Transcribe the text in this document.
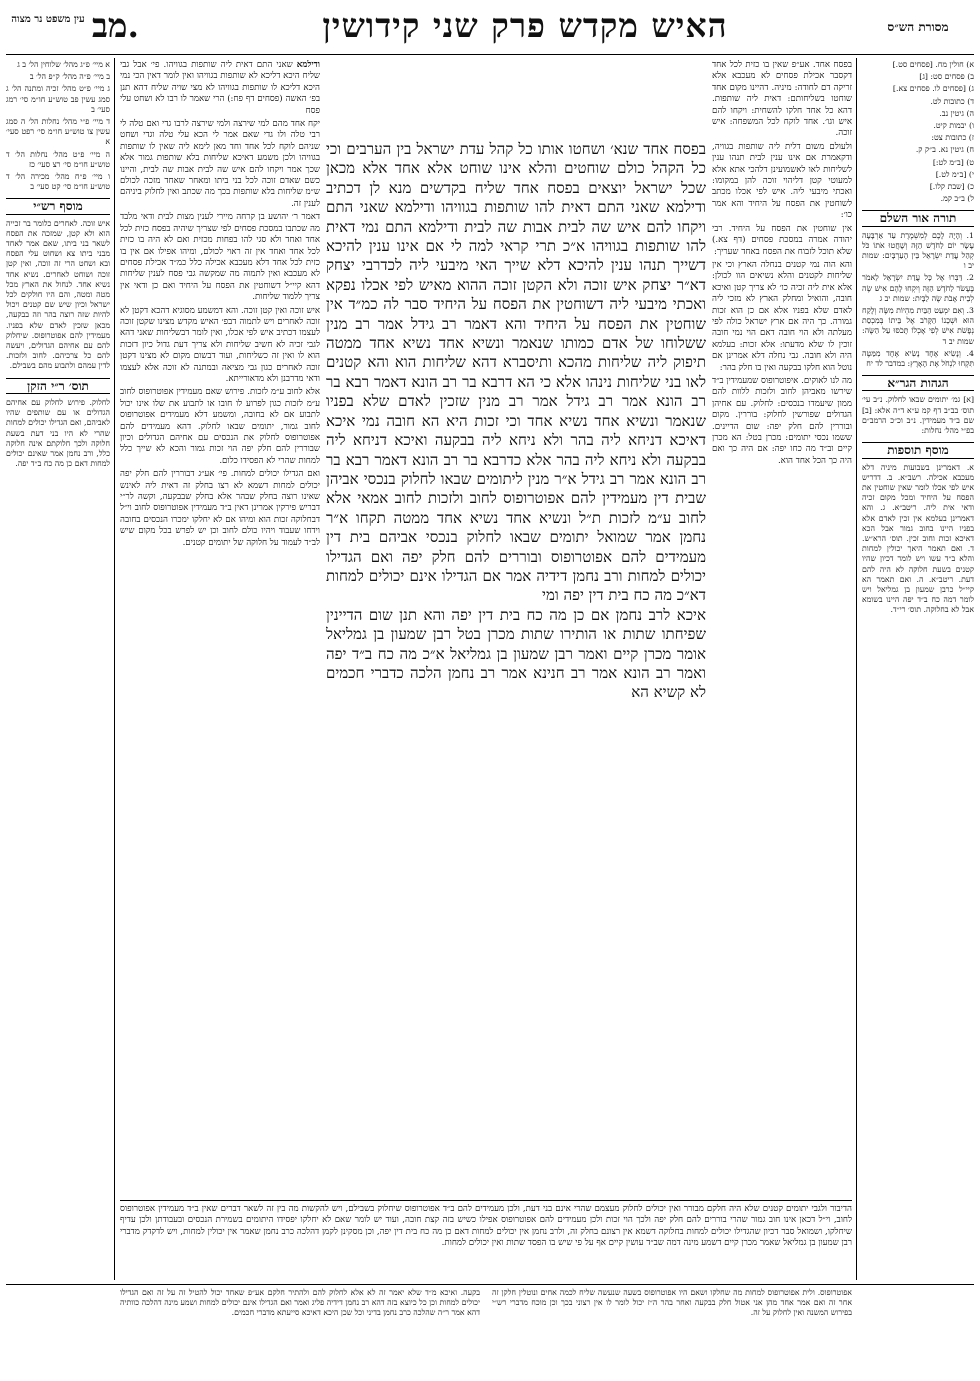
עין משפט נר מצוה מב.	האיש מקדש פרק שני קידושין	מסורת הש״ס

א מיי׳ פ״ג מהל׳ שלוחין הל׳ ב ג

ב מיי׳ פ״ה מהל׳ ק״פ הל׳ ב

ג מיי׳ פ״ט מהל׳ זכיה ומתנה הל׳ ג סמג עשין פב טוש״ע חו״מ סי׳ רמג סעי׳ ב

ד מיי׳ פ״י מהל׳ נחלות הל׳ ה סמג עשין צו טוש״ע חו״מ סי׳ רפט סעי׳ א

ה מיי׳ פ״ט מהל׳ נחלות הל׳ ד טוש״ע חו״מ סי׳ רצ סעי׳ כז

ו מיי׳ פ״ח מהל׳ מכירה הל׳ ד טוש״ע חו״מ סי׳ קט סעי׳ ב

מוסף רש״י

איש זוכה. לאחרים כלומר בר זכייה הוא ולא קטן, שמזכה את הפסח לשאר בני ביתו, שאם אמר לאחד מבני ביתו צא ושחוט עלי הפסח ובא ושחט הרי זה זוכה, ואין קטן זוכה ושוחט לאחרים. נשיא אחד נשיא אחד. לנחול את הארץ מכל מטה ומטה, והם היו חולקים לכל ישראל וכיון שיש שם קטנים ויכול להיות שזה רוצה בהר וזה בבקעה, מכאן שזכין לאדם שלא בפניו. מעמידין להם אפוטרופוס. שיחלוק להם עם אחיהם הגדולים, ויעשה להם כל צרכיהם. לחוב ולזכות. לדין עמהם ולתבוע מהם בשבילם.

תוס׳ ר״י הזקן

לחלוק. פירוש לחלוק עם אחיהם הגדולים או עם שותפים שהיו לאביהם, ואם הגדילו יכולים למחות שהרי לא היו בני דעת בשעת חלוקה ולכך חלוקתם אינה חלוקה כלל, ורב נחמן אמר שאינם יכולים למחות דאם כן מה כח ב״ד יפה.

ודילמא שאני התם דאית ליה שותפות בגוויהו. פי׳ אבל גבי שליח היכא דליכא לא שותפות בגוויהו ואין לומר דאין הכי נמי היכא דליכא לו שותפות בגוויהו לא מצי שויה שליח דהא תנן בפ׳ האשה (פסחים דף פח:) הרי שאמר לו רבו לא ושחט עלי פסח

יקח אחד מהם למי שירצה ולמי שירצה לרבו גדי ואם טלה לי רבי טלה ולו גדי שאם אמר לי הכא עלי טלה וגדי ושחט שניהם לוקח לכל אחד וחד מאן לימא ליה שאין לו שותפות בגוויהו ולכן משמע דאיכא שליחות בלא שותפות גמור אלא שכך אמר ויקחו להם איש שה לבית אבות שה לבית, והיינו כשם שאדם זוכה לכל בני ביתו ומאחר שאחד מזכה לכולם ש״מ שליחות בלא שותפות בכך מה שכתב ואין לחלוק ביניהם לענין זה.

דאמר ר׳ יהושע בן קרחה מיירי לענין מצות לבית ודאי מלבד מה שכתבו במסכת פסחים לפי שצריך שיהיה בפסח כזית לכל אחד ואחד ולא סגי להו בפחות מכזית ואם לא היה בו כזית לכל אחד ואחד אין זה ראוי לכולם, ומיהו אפילו אם אין בו כזית לכל אחד דלא מעכבא אכילה כלל כמ״ד אכילת פסחים לא מעכבא ואין לתמוה מה שמקשה גבי פסח לענין שליחות דהא קיי״ל דשוחטין את הפסח על היחיד ואם כן ודאי אין צריך ללמוד שליחות.

איש זוכה ואין קטן זוכה. והא דמשמע מסוגיא דהכא דקטן לא זוכה לאחרים ויש לתמוה דבפ׳ האיש מקדש מצינו שקטן זוכה לעצמו דכתיב איש לפי אכלו, ואין לומר דבשליחות שאני דהא לגבי זכיה לא חשיב שליחות ולא צריך דעת גדול כיון דזכות הוא לו ואין זה כשליחות, ועוד דבשום מקום לא מצינו דקטן זוכה לאחרים כגון גבי מציאה ובמתנה לא זוכה אלא לעצמו ודאי מדרבנן ולא מדאורייתא.

אלא לחוב ע״מ לזכות. פירוש שאם מעמידין אפוטרופוס לחוב ע״מ לזכות כגון לפרוע לו חובו או לתבוע את שלו אינו יכול לתבוע אם לא בחובה, ומשמע דלא מעמידים אפוטרופוס לחוב גמור, יתומים שבאו לחלוק. דהא מעמידים להם אפוטרופוס לחלוק את הנכסים עם אחיהם הגדולים וכיון שבוררין להם חלק יפה הוי זכות גמור והכא לא שייך כלל למחות שהרי לא הפסידו כלום.

ואם הגדילו יכולים למחות. פי׳ אע״ג דבוררין להם חלק יפה יכולים למחות דשמא לא רצו בחלק זה דאית ליה לאינש שאינו רוצה בחלק שבהר אלא בחלק שבבקעה, וקשה לר״י דבריש פירקין אמרינן דאין ב״ד מעמידין אפוטרופוס לחוב וי״ל דבחלוקה זכות הוא ומיהו אם לא יחלקו ימכרו הנכסים בחובה וידחו שעבוד ויהיו כולם לחוב וכן יש לפרש בכל מקום שיש לב״ד לעמוד על חלוקה של יתומים קטנים.

בפסח אחד שנא׳ ושחטו אותו כל קהל עדת ישראל בין הערבים וכי כל הקהל כולם שוחטים והלא אינו שוחט אלא אחד אלא מכאן שכל ישראל יוצאים בפסח אחד שליח בקדשים מנא לן דכתיב ודילמא שאני התם דאית להו שותפות בגוויהו ודילמא שאני התם ויקחו להם איש שה לבית אבות שה לבית ודילמא התם נמי דאית להו שותפות בגוויהו א״כ תרי קראי למה לי אם אינו ענין להיכא דשייך תנהו ענין להיכא דלא שייך האי מיבעי ליה לכדרבי יצחק דא״ר יצחק איש זוכה ולא הקטן זוכה ההוא מאיש לפי אכלו נפקא ואכתי מיבעי ליה דשוחטין את הפסח על היחיד סבר לה כמ״ד אין שוחטין את הפסח על היחיד והא דאמר רב גידל אמר רב מנין ששלוחו של אדם כמותו שנאמר ונשיא אחד נשיא אחד ממטה תיפוק ליה שליחות מהכא ותיסברא דהא שליחות הוא והא קטנים לאו בני שליחות נינהו אלא כי הא דרבא בר רב הונא דאמר רבא בר רב הונא אמר רב גידל אמר רב מנין שזכין לאדם שלא בפניו שנאמר ונשיא אחד נשיא אחד וכי זכות היא הא חובה נמי איכא דאיכא דניחא ליה בהר ולא ניחא ליה בבקעה ואיכא דניחא ליה בבקעה ולא ניחא ליה בהר אלא כדרבא בר רב הונא דאמר רבא בר רב הונא אמר רב גידל א״ר מנין ליתומים שבאו לחלוק בנכסי אביהן שבית דין מעמידין להם אפוטרופוס לחוב ולזכות לחוב אמאי אלא לחוב ע״מ לזכות ת״ל ונשיא אחד נשיא אחד ממטה תקחו א״ר נחמן אמר שמואל יתומים שבאו לחלוק בנכסי אביהם בית דין מעמידים להם אפוטרופוס ובוררים להם חלק יפה ואם הגדילו יכולים למחות ורב נחמן דידיה אמר אם הגדילו אינם יכולים למחות דא״כ מה כח בית דין יפה ומי

איכא לרב נחמן אם כן מה כח בית דין יפה והא תנן שום הדיינין שפיחתו שתות או הותירו שתות מכרן בטל רבן שמעון בן גמליאל אומר מכרן קיים ואמר רבן שמעון בן גמליאל א״כ מה כח ב״ד יפה ואמר רב הונא אמר רב חנינא אמר רב נחמן הלכה כדברי חכמים לא קשיא הא

בפסח אחד. אע״פ שאין בו כזית לכל אחד דקסבר אכילת פסחים לא מעכבא אלא זריקה דם לחודה: מיניה. דהיינו מקום אחד שוחטו בשליחותם: דאית ליה שותפות. דהא כל אחד חלקו להשחית: ויקחו להם איש וגו׳. אחד לוקח לכל המשפחה: איש זוכה.

ולעולם משום דלית ליה שותפות בגוויה, ודקאמרת אם אינו ענין לבית תנהו ענין לשליחות לאו לאשמועינן דלהכי אתא אלא למעוטי קטן דליהוי זוכה להן במקומו: ואכתי מיבעי ליה. איש לפי אכלו מכתב לשוחטין את הפסח על היחיד והא אמר כו׳:

אין שוחטין את הפסח על היחיד. רבי יהודה אמרה במסכת פסחים (דף צא.) שלא תוכל לזבוח את הפסח באחד שעריך:

והא הוה נמי קטנים בנחלה הארץ וכי אין שליחות לקטנים והלא נשיאים הוו לכולן: אלא אית ליה זכיה כו׳ לא צריך קטן ואיכא חובה, והואיל ומחלק הארץ לא מזכי ליה לאדם שלא בפניו אלא אם כן הוא זכות גמורה. כך היה אם ארץ ישראל כולה לפי מעלתה ולא הוי חובה דאם הוי נמי חובה זוכין לו שלא מדעתו: אלא זכות: בעלמא היה ולא חובה. גבי נחלה דלא אמרינן אם נוטל הוא חלקו בבקעה ואין בו חלק בהר:

מה לנו לאוקים. איפוטרופוס שמעמידין ב״ד שירשו מאביהן לחוב ולזכות ללוות להם ממון שיעמדו בנכסים: לחלוק. עם אחיהן הגדולים שפורשין לחלוק: בוררין. מקום ובוררין להם חלק יפה: שום הדיינים. ששמו נכסי יתומים: מכרן בטל: הא מכרן קיים וב״ד מה כחו יפה: אם היה כך ואם היה כך הכל אחד הוא.

א) חולין מח. [פסחים סט.]

ב) פסחים סט: [ג]

ג) [פסחים לו. פסחים צא.]

ד) כתובות לט.

ה) גיטין נב.

ו) יבמות קיט.

ז) כתובות צט:

ח) גיטין נא. ב״ק ק.

ט) [ב״מ לט:]

י) [ב״מ לט.]

כ) [שבת קלו.]

ל) ב״ב קמ.

תורה אור השלם

1. וְהָיָה לָכֶם לְמִשְׁמֶרֶת עַד אַרְבָּעָה עָשָׂר יוֹם לַחֹדֶשׁ הַזֶּה וְשָׁחֲטוּ אֹתוֹ כֹּל קְהַל עֲדַת יִשְׂרָאֵל בֵּין הָעַרְבָּיִם: שמות יב ו

2. דַּבְּרוּ אֶל כָּל עֲדַת יִשְׂרָאֵל לֵאמֹר בֶּעָשֹׂר לַחֹדֶשׁ הַזֶּה וְיִקְחוּ לָהֶם אִישׁ שֶׂה לְבֵית אָבֹת שֶׂה לַבָּיִת: שמות יב ג

3. וְאִם יִמְעַט הַבַּיִת מִהְיוֹת מִשֶּׂה וְלָקַח הוּא וּשְׁכֵנוֹ הַקָּרֹב אֶל בֵּיתוֹ בְּמִכְסַת נְפָשֹׁת אִישׁ לְפִי אָכְלוֹ תָּכֹסּוּ עַל הַשֶּׂה: שמות יב ד

4. וְנָשִׂיא אֶחָד נָשִׂיא אֶחָד מִמַּטֶּה תִּקְחוּ לִנְחֹל אֶת הָאָרֶץ: במדבר לד יח

הגהות הגר״א

[א] גמ׳ יתומים שבאו לחלוק. נ״ב עי׳ תוס׳ בב״ב דף קמ ע״א ד״ה אלא: [ב] שם ב״ד מעמידין. נ״ב וכ״כ הרמב״ם בפ״י מהל׳ נחלות:

מוסף תוספות

א. דאמרינן בשבועות מיניה דלא מעכבא אכילה. רשב״א. ב. דדריש איש לפי אכלו לומר שאין שוחטין את הפסח על היחיד ומכל מקום זכיה ודאי אית ליה. ריטב״א. ג. והא דאמרינן בעלמא אין זכין לאדם אלא בפניו היינו בחוב גמור אבל הכא דאיכא זכות וחוב זכין. תוס׳ הרא״ש. ד. ואם תאמר היאך יכולין למחות והלא ב״ד עשו ויש לומר דכיון שהיו קטנים בשעת חלוקה לא היה להם דעת. ריטב״א. ה. ואם תאמר הא קיי״ל כרבן שמעון בן גמליאל ויש לומר דמה כח ב״ד יפה היינו בשומא אבל לא בחלוקה. תוס׳ רי״ד.

הדיבור ולגבי יתומים קטנים שלא היה חלקם מבורר ואין יכולים לחלוק מעצמם שהרי אינם בני דעת, ולכן מעמידים להם ב״ד אפוטרופוס שיחלוק בשבילם, ויש להקשות מה בין זה לשאר דברים שאין ב״ד מעמידין אפוטרופוס לחוב, וי״ל דכאן אינו חוב גמור שהרי בוררים להם חלק יפה ולכך הוי זכות ולכן מעמידים להם אפוטרופוס אפילו כשיש בזה קצת חובה, ועוד יש לומר שאם לא יחלקו יפסידו היתומים בשמירת הנכסים ובעבודתן ולכן עדיף שיחלקו, ושמואל סבר דכיון שהגדילו יכולים למחות בחלוקה דשמא אין רצונם בחלק זה, ולרב נחמן אין יכולים למחות דאם כן מה כח בית דין יפה, וכן מסקינן לקמן דהלכה כרב נחמן שאמר אין יכולין למחות, ויש לדקדק מדברי רבן שמעון בן גמליאל שאמר מכרן קיים דשמע מינה דמה שב״ד עושין קיים אף על פי שיש בו הפסד שתות ואין יכולים למחות.

בקעה. ואיכא מ״ד שלא יאמר זה לא אלא לחלוק להם ולהתיר חלקם אע״פ שאחד יכול להטיל זה על זה ואם הגדילו יכולים למחות וכן כל כיוצא בזה דהא רב נחמן דידיה פליג ואמר ואם הגדילו אינם יכולים למחות ושמע מינה דהלכה כוותיה דהא אמר ר״ה שהלכה כרב נחמן בדיני וכל שכן היכא דאיכא סייעתא מדברי חכמים.
אפוטרופוס. ולית אפוטרופוס למחות מה שחלקו ושאם היו אפוטרופוס בשעה שנעשה שליח לכמה אחים ונוטלין חלקן זה אחר זה ואם אמר אחד מהן אני אטול חלק בבקעה ואחר בהר ה״ז יכול לומר לו אין רצוני בכך וכן מוכח מדברי רש״י בפירוש המשנה ואין לחלוק על זה.
